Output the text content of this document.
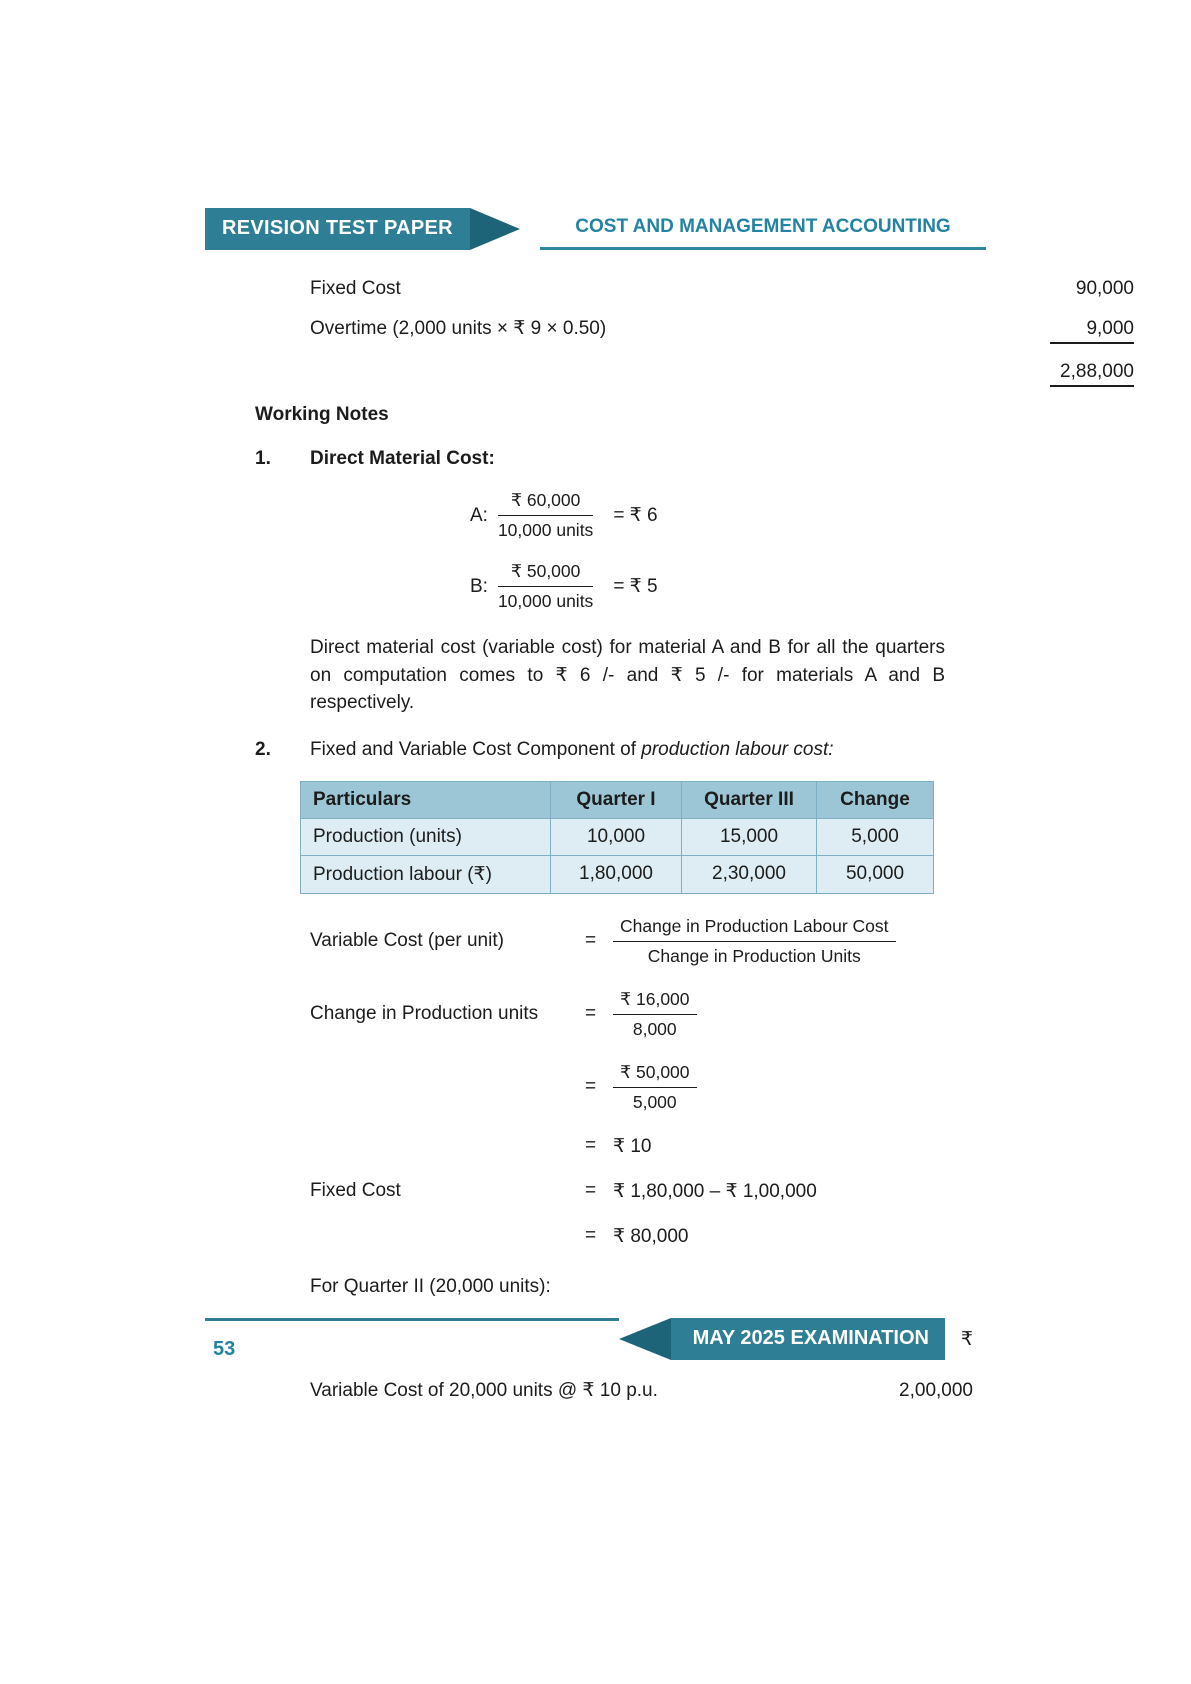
REVISION TEST PAPER	COST AND MANAGEMENT ACCOUNTING
Fixed Cost	90,000
Overtime (2,000 units × ₹ 9 × 0.50)	9,000
2,88,000
Working Notes
1.	Direct Material Cost:
A: $\frac{₹ 60,000}{\text{10,000 units}}$ = ₹ 6
B: $\frac{₹ 50,000}{\text{10,000 units}}$ = ₹ 5

Direct material cost (variable cost) for material A and B for all the quarters on computation comes to ₹ 6 /- and ₹ 5 /- for materials A and B respectively.

2.	Fixed and Variable Cost Component of production labour cost:
Particulars	Quarter I	Quarter III	Change
Production (units)	10,000	15,000	5,000
Production labour (₹)	1,80,000	2,30,000	50,000
Variable Cost (per unit)	= $\frac{\text{Change in Production Labour Cost}}{\text{Change in Production Units}}$
Change in Production units	= $\frac{₹ 16,000}{8,000}$
= $\frac{₹ 50,000}{5,000}$
= ₹ 10
Fixed Cost	= ₹ 1,80,000 – ₹ 1,00,000
= ₹ 80,000
For Quarter II (20,000 units):
₹
Variable Cost of 20,000 units @ ₹ 10 p.u.	2,00,000
MAY 2025 EXAMINATION
53
